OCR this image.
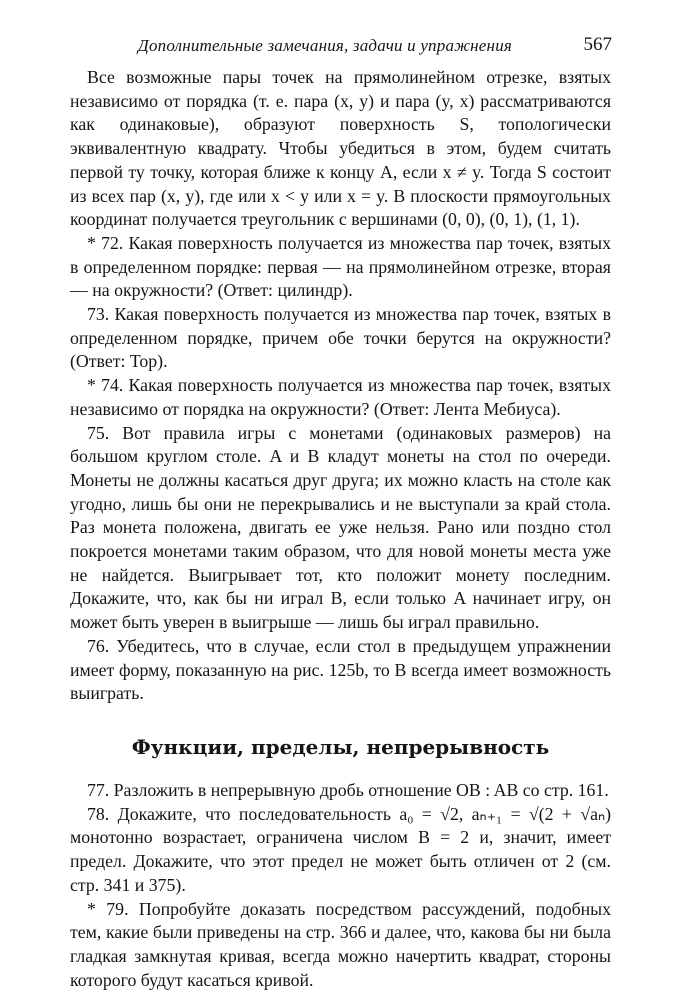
Дополнительные замечания, задачи и упражнения	567

Все возможные пары точек на прямолинейном отрезке, взятых независимо от порядка (т. е. пара (x, y) и пара (y, x) рассматриваются как одинаковые), образуют поверхность S, топологически эквивалентную квадрату. Чтобы убедиться в этом, будем считать первой ту точку, которая ближе к концу A, если x ≠ y. Тогда S состоит из всех пар (x, y), где или x < y или x = y. В плоскости прямоугольных координат получается треугольник с вершинами (0, 0), (0, 1), (1, 1).

* 72. Какая поверхность получается из множества пар точек, взятых в определенном порядке: первая — на прямолинейном отрезке, вторая — на окружности? (Ответ: цилиндр).

73. Какая поверхность получается из множества пар точек, взятых в определенном порядке, причем обе точки берутся на окружности? (Ответ: Тор).

* 74. Какая поверхность получается из множества пар точек, взятых независимо от порядка на окружности? (Ответ: Лента Мебиуса).

75. Вот правила игры с монетами (одинаковых размеров) на большом круглом столе. A и B кладут монеты на стол по очереди. Монеты не должны касаться друг друга; их можно класть на столе как угодно, лишь бы они не перекрывались и не выступали за край стола. Раз монета положена, двигать ее уже нельзя. Рано или поздно стол покроется монетами таким образом, что для новой монеты места уже не найдется. Выигрывает тот, кто положит монету последним. Докажите, что, как бы ни играл B, если только A начинает игру, он может быть уверен в выигрыше — лишь бы играл правильно.

76. Убедитесь, что в случае, если стол в предыдущем упражнении имеет форму, показанную на рис. 125b, то B всегда имеет возможность выиграть.

Функции, пределы, непрерывность

77. Разложить в непрерывную дробь отношение OB : AB со стр. 161.

78. Докажите, что последовательность a₀ = √2, aₙ₊₁ = √(2 + √aₙ) монотонно возрастает, ограничена числом B = 2 и, значит, имеет предел. Докажите, что этот предел не может быть отличен от 2 (см. стр. 341 и 375).

* 79. Попробуйте доказать посредством рассуждений, подобных тем, какие были приведены на стр. 366 и далее, что, какова бы ни была гладкая замкнутая кривая, всегда можно начертить квадрат, стороны которого будут касаться кривой.
